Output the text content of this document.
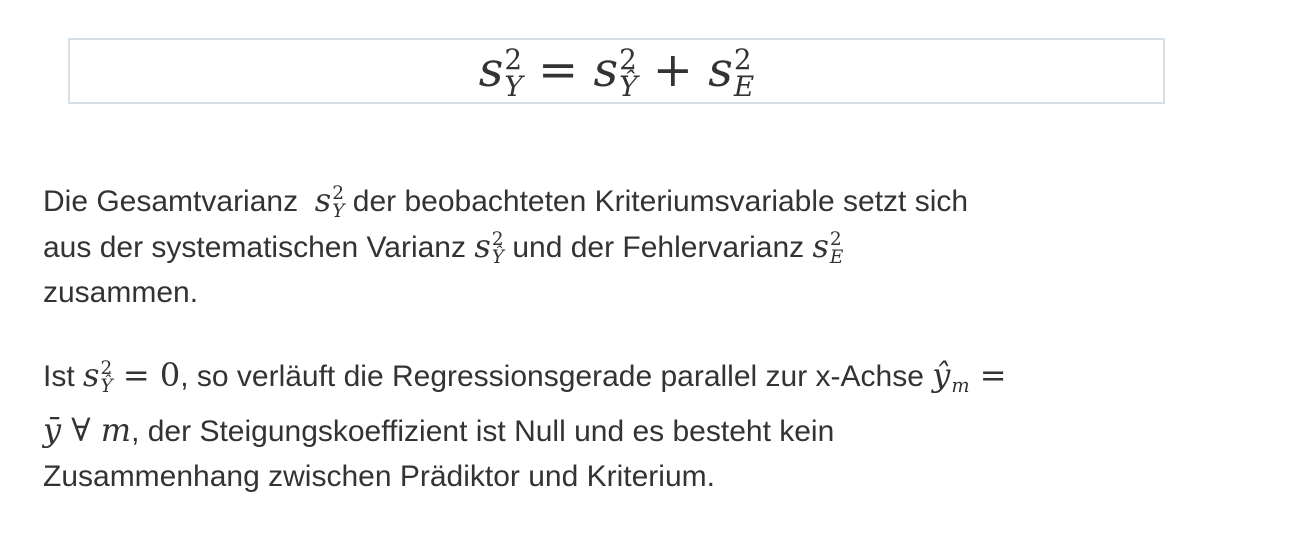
s 2
Y = s 2
Ŷ + s 2
E

Die Gesamtvarianz  s 2
Y der beobachteten Kriteriumsvariable setzt sich
aus der systematischen Varianz s 2
Ŷ und der Fehlervarianz s 2
E

zusammen.

Ist s 2
Ŷ = 0, so verläuft die Regressionsgerade parallel zur x-Achse ŷm =
ȳ ∀ m, der Steigungskoeffizient ist Null und es besteht kein
Zusammenhang zwischen Prädiktor und Kriterium.
